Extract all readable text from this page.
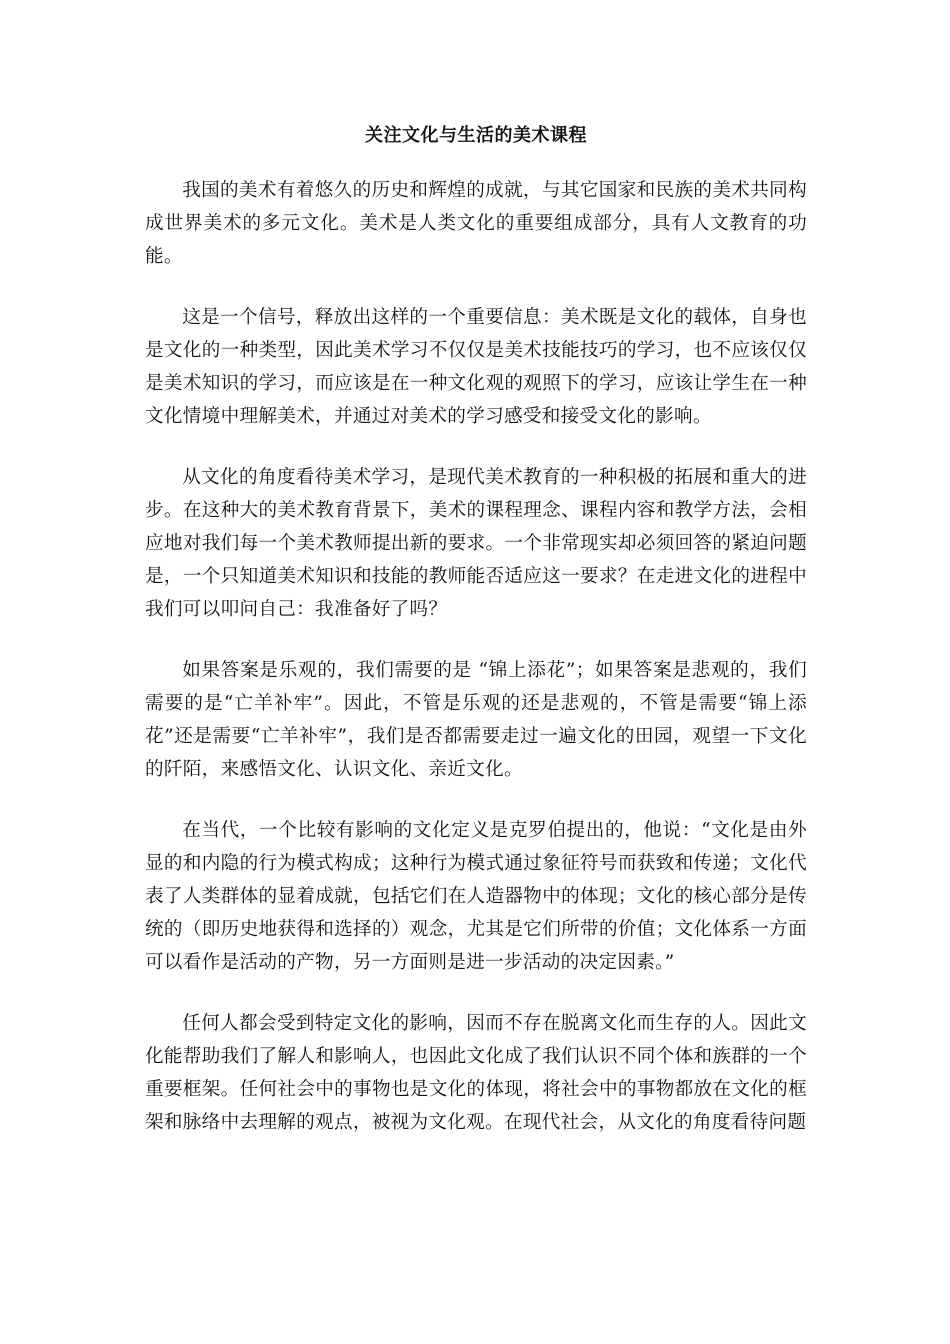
关注文化与生活的美术课程

我国的美术有着悠久的历史和辉煌的成就，与其它国家和民族的美术共同构成世界美术的多元文化。美术是人类文化的重要组成部分，具有人文教育的功能。

这是一个信号，释放出这样的一个重要信息：美术既是文化的载体，自身也是文化的一种类型，因此美术学习不仅仅是美术技能技巧的学习，也不应该仅仅是美术知识的学习，而应该是在一种文化观的观照下的学习，应该让学生在一种文化情境中理解美术，并通过对美术的学习感受和接受文化的影响。

从文化的角度看待美术学习，是现代美术教育的一种积极的拓展和重大的进步。在这种大的美术教育背景下，美术的课程理念、课程内容和教学方法，会相应地对我们每一个美术教师提出新的要求。一个非常现实却必须回答的紧迫问题是，一个只知道美术知识和技能的教师能否适应这一要求？在走进文化的进程中我们可以叩问自己：我准备好了吗？

如果答案是乐观的，我们需要的是 “锦上添花”；如果答案是悲观的，我们需要的是“亡羊补牢”。因此，不管是乐观的还是悲观的，不管是需要“锦上添花”还是需要“亡羊补牢”，我们是否都需要走过一遍文化的田园，观望一下文化的阡陌，来感悟文化、认识文化、亲近文化。

在当代，一个比较有影响的文化定义是克罗伯提出的，他说：“文化是由外显的和内隐的行为模式构成；这种行为模式通过象征符号而获致和传递；文化代表了人类群体的显着成就，包括它们在人造器物中的体现；文化的核心部分是传统的（即历史地获得和选择的）观念，尤其是它们所带的价值；文化体系一方面可以看作是活动的产物，另一方面则是进一步活动的决定因素。”

任何人都会受到特定文化的影响，因而不存在脱离文化而生存的人。因此文化能帮助我们了解人和影响人，也因此文化成了我们认识不同个体和族群的一个重要框架。任何社会中的事物也是文化的体现，将社会中的事物都放在文化的框架和脉络中去理解的观点，被视为文化观。在现代社会，从文化的角度看待问题
